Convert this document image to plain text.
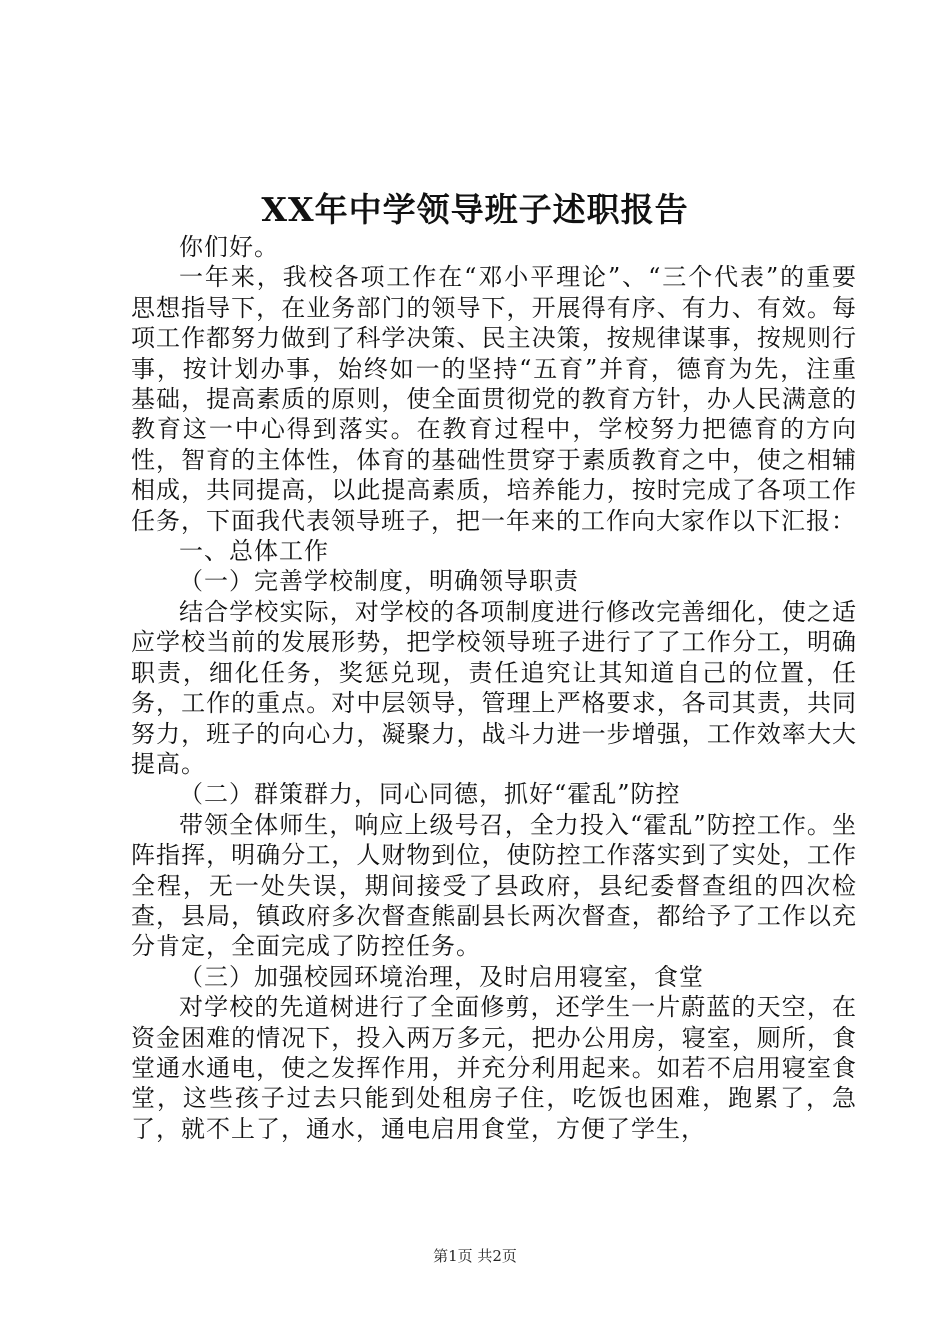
XX年中学领导班子述职报告

你们好。

一年来，我校各项工作在“邓小平理论”、“三个代表”的重要思想指导下，在业务部门的领导下，开展得有序、有力、有效。每项工作都努力做到了科学决策、民主决策，按规律谋事，按规则行事，按计划办事，始终如一的坚持“五育”并育，德育为先，注重基础，提高素质的原则，使全面贯彻党的教育方针，办人民满意的教育这一中心得到落实。在教育过程中，学校努力把德育的方向性，智育的主体性，体育的基础性贯穿于素质教育之中，使之相辅相成，共同提高，以此提高素质，培养能力，按时完成了各项工作任务，下面我代表领导班子，把一年来的工作向大家作以下汇报：

一、总体工作

（一）完善学校制度，明确领导职责

结合学校实际，对学校的各项制度进行修改完善细化，使之适应学校当前的发展形势，把学校领导班子进行了了工作分工，明确职责，细化任务，奖惩兑现，责任追究让其知道自己的位置，任务，工作的重点。对中层领导，管理上严格要求，各司其责，共同努力，班子的向心力，凝聚力，战斗力进一步增强，工作效率大大提高。

（二）群策群力，同心同德，抓好“霍乱”防控

带领全体师生，响应上级号召，全力投入“霍乱”防控工作。坐阵指挥，明确分工，人财物到位，使防控工作落实到了实处，工作全程，无一处失误，期间接受了县政府，县纪委督查组的四次检查，县局，镇政府多次督查熊副县长两次督查，都给予了工作以充分肯定，全面完成了防控任务。

（三）加强校园环境治理，及时启用寝室，食堂

对学校的先道树进行了全面修剪，还学生一片蔚蓝的天空，在资金困难的情况下，投入两万多元，把办公用房，寝室，厕所，食堂通水通电，使之发挥作用，并充分利用起来。如若不启用寝室食堂，这些孩子过去只能到处租房子住，吃饭也困难，跑累了，急了，就不上了，通水，通电启用食堂，方便了学生，

第1页 共2页
